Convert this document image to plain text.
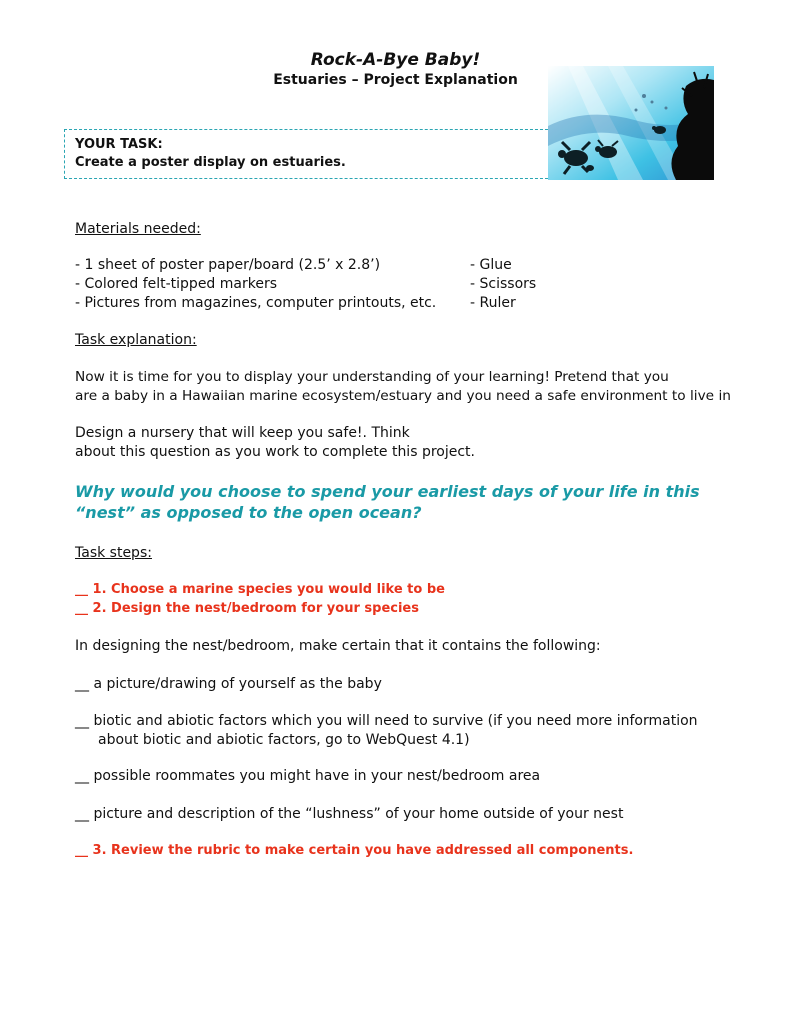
Rock-A-Bye Baby!
Estuaries – Project Explanation
YOUR TASK:
Create a poster display on estuaries.
Materials needed:
- 1 sheet of poster paper/board (2.5’ x 2.8’)
- Colored felt-tipped markers
- Pictures from magazines, computer printouts, etc.
- Glue
- Scissors
- Ruler
Task explanation:
Now it is time for you to display your understanding of your learning! Pretend that you
are a baby in a Hawaiian marine ecosystem/estuary and you need a safe environment to live in
Design a nursery that will keep you safe!. Think
about this question as you work to complete this project.
Why would you choose to spend your earliest days of your life in this
“nest” as opposed to the open ocean?
Task steps:
__ 1. Choose a marine species you would like to be
__ 2. Design the nest/bedroom for your species
In designing the nest/bedroom, make certain that it contains the following:
__ a picture/drawing of yourself as the baby
__ biotic and abiotic factors which you will need to survive (if you need more information
about biotic and abiotic factors, go to WebQuest 4.1)
__ possible roommates you might have in your nest/bedroom area
__ picture and description of the “lushness” of your home outside of your nest
__ 3. Review the rubric to make certain you have addressed all components.
